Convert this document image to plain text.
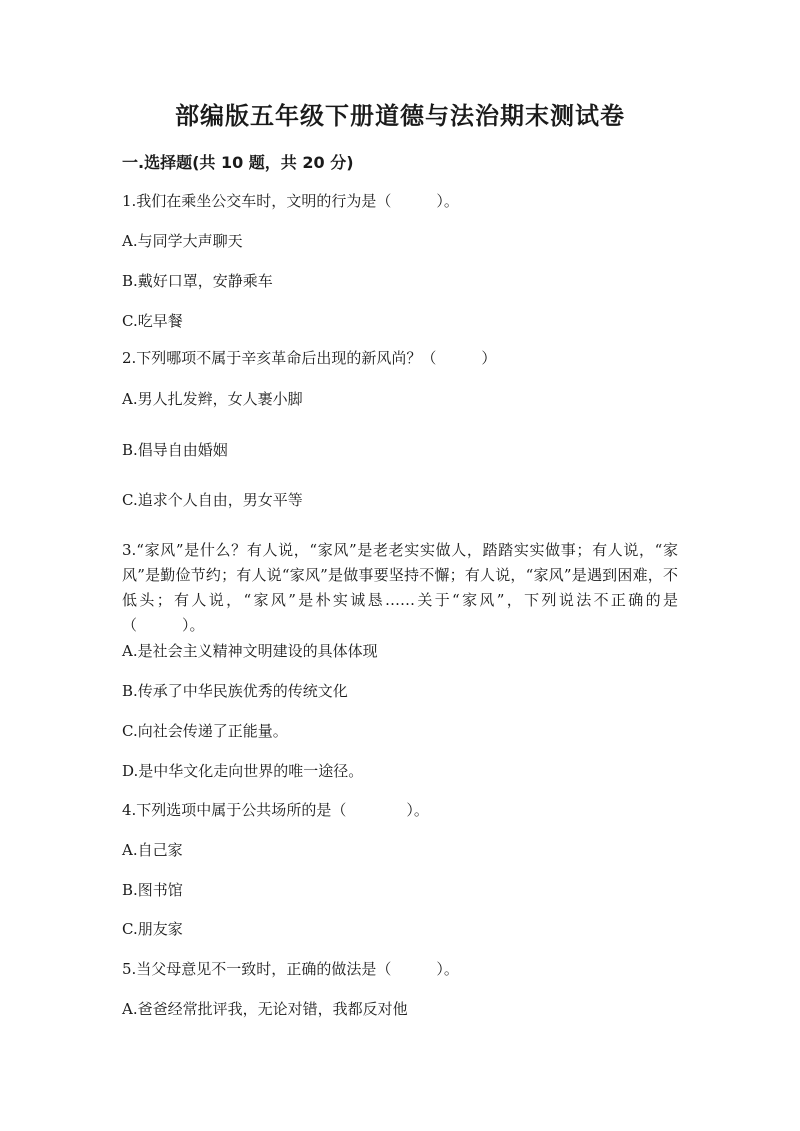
部编版五年级下册道德与法治期末测试卷
一.选择题(共 10 题，共 20 分)
1.我们在乘坐公交车时，文明的行为是（　　　）。
A.与同学大声聊天
B.戴好口罩，安静乘车
C.吃早餐
2.下列哪项不属于辛亥革命后出现的新风尚？（　　　）
A.男人扎发辫，女人裹小脚
B.倡导自由婚姻
C.追求个人自由，男女平等
3.“家风”是什么？有人说，“家风”是老老实实做人，踏踏实实做事；有人说，“家风”是勤俭节约；有人说“家风”是做事要坚持不懈；有人说，“家风”是遇到困难，不低头；有人说，“家风”是朴实诚恳……关于“家风”，下列说法不正确的是（　　　）。
A.是社会主义精神文明建设的具体体现
B.传承了中华民族优秀的传统文化
C.向社会传递了正能量。
D.是中华文化走向世界的唯一途径。
4.下列选项中属于公共场所的是（　　　　）。
A.自己家
B.图书馆
C.朋友家
5.当父母意见不一致时，正确的做法是（　　　）。
A.爸爸经常批评我，无论对错，我都反对他
